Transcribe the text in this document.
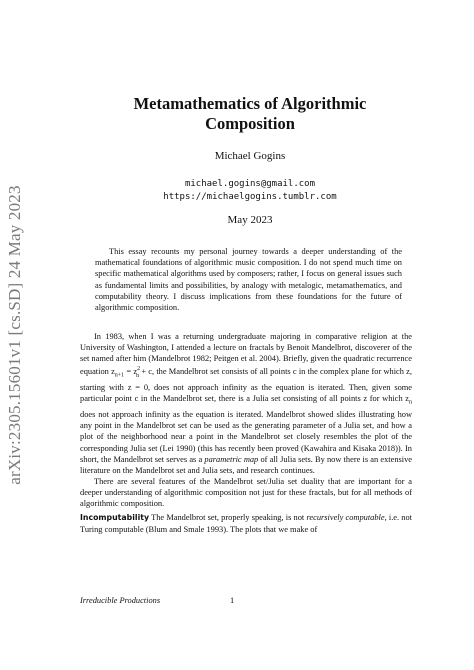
arXiv:2305.15601v1 [cs.SD] 24 May 2023
Metamathematics of Algorithmic
Composition
Michael Gogins
michael.gogins@gmail.com
https://michaelgogins.tumblr.com
May 2023

This essay recounts my personal journey towards a deeper understanding of the mathematical foundations of algorithmic music composition. I do not spend much time on specific mathematical algorithms used by composers; rather, I focus on general issues such as fundamental limits and possibilities, by analogy with metalogic, metamathematics, and computability theory. I discuss implications from these foundations for the future of algorithmic composition.

In 1983, when I was a returning undergraduate majoring in comparative religion at the University of Washington, I attended a lecture on fractals by Benoit Mandelbrot, discoverer of the set named after him (Mandelbrot 1982; Peitgen et al. 2004). Briefly, given the quadratic recurrence equation $z_{n+1} = z^2_n + c$, the Mandelbrot set consists of all points c in the complex plane for which z, starting with z = 0, does not approach infinity as the equation is iterated. Then, given some particular point c in the Mandelbrot set, there is a Julia set consisting of all points z for which $z_n$ does not approach infinity as the equation is iterated. Mandelbrot showed slides illustrating how any point in the Mandelbrot set can be used as the generating parameter of a Julia set, and how a plot of the neighborhood near a point in the Mandelbrot set closely resembles the plot of the corresponding Julia set (Lei 1990) (this has recently been proved (Kawahira and Kisaka 2018)). In short, the Mandelbrot set serves as a parametric map of all Julia sets. By now there is an extensive literature on the Mandelbrot set and Julia sets, and research continues.

There are several features of the Mandelbrot set/Julia set duality that are important for a deeper understanding of algorithmic composition not just for these fractals, but for all methods of algorithmic composition.

Incomputability The Mandelbrot set, properly speaking, is not recursively computable, i.e. not Turing computable (Blum and Smale 1993). The plots that we make of

Irreducible Productions	1
